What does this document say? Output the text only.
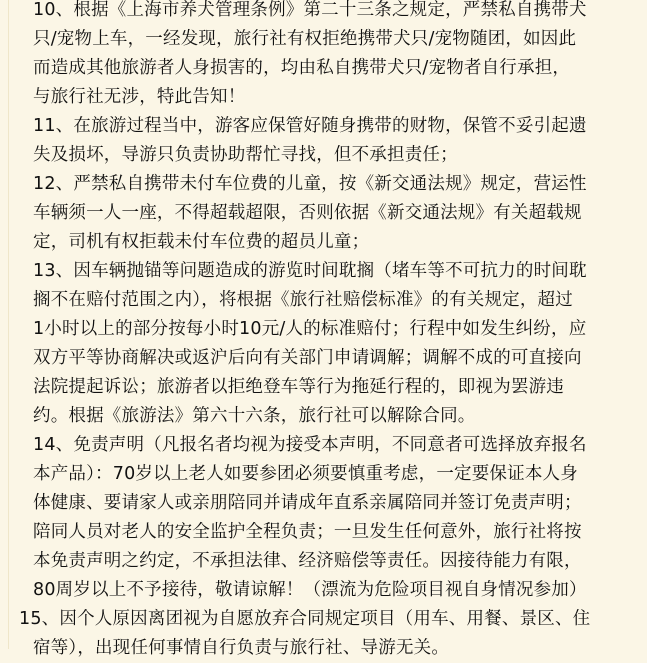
10、根据《上海市养犬管理条例》第二十三条之规定，严禁私自携带犬
只/宠物上车，一经发现，旅行社有权拒绝携带犬只/宠物随团，如因此
而造成其他旅游者人身损害的，均由私自携带犬只/宠物者自行承担，
与旅行社无涉，特此告知！
11、在旅游过程当中，游客应保管好随身携带的财物，保管不妥引起遗
失及损坏，导游只负责协助帮忙寻找，但不承担责任；
12、严禁私自携带未付车位费的儿童，按《新交通法规》规定，营运性
车辆须一人一座，不得超载超限，否则依据《新交通法规》有关超载规
定，司机有权拒载未付车位费的超员儿童；
13、因车辆抛锚等问题造成的游览时间耽搁（堵车等不可抗力的时间耽
搁不在赔付范围之内），将根据《旅行社赔偿标准》的有关规定，超过
1小时以上的部分按每小时10元/人的标准赔付；行程中如发生纠纷，应
双方平等协商解决或返沪后向有关部门申请调解；调解不成的可直接向
法院提起诉讼；旅游者以拒绝登车等行为拖延行程的，即视为罢游违
约。根据《旅游法》第六十六条，旅行社可以解除合同。
14、免责声明（凡报名者均视为接受本声明，不同意者可选择放弃报名
本产品）：70岁以上老人如要参团必须要慎重考虑，一定要保证本人身
体健康、要请家人或亲朋陪同并请成年直系亲属陪同并签订免责声明；
陪同人员对老人的安全监护全程负责；一旦发生任何意外，旅行社将按
本免责声明之约定，不承担法律、经济赔偿等责任。因接待能力有限，
80周岁以上不予接待，敬请谅解！（漂流为危险项目视自身情况参加）
15、因个人原因离团视为自愿放弃合同规定项目（用车、用餐、景区、住
宿等），出现任何事情自行负责与旅行社、导游无关。
